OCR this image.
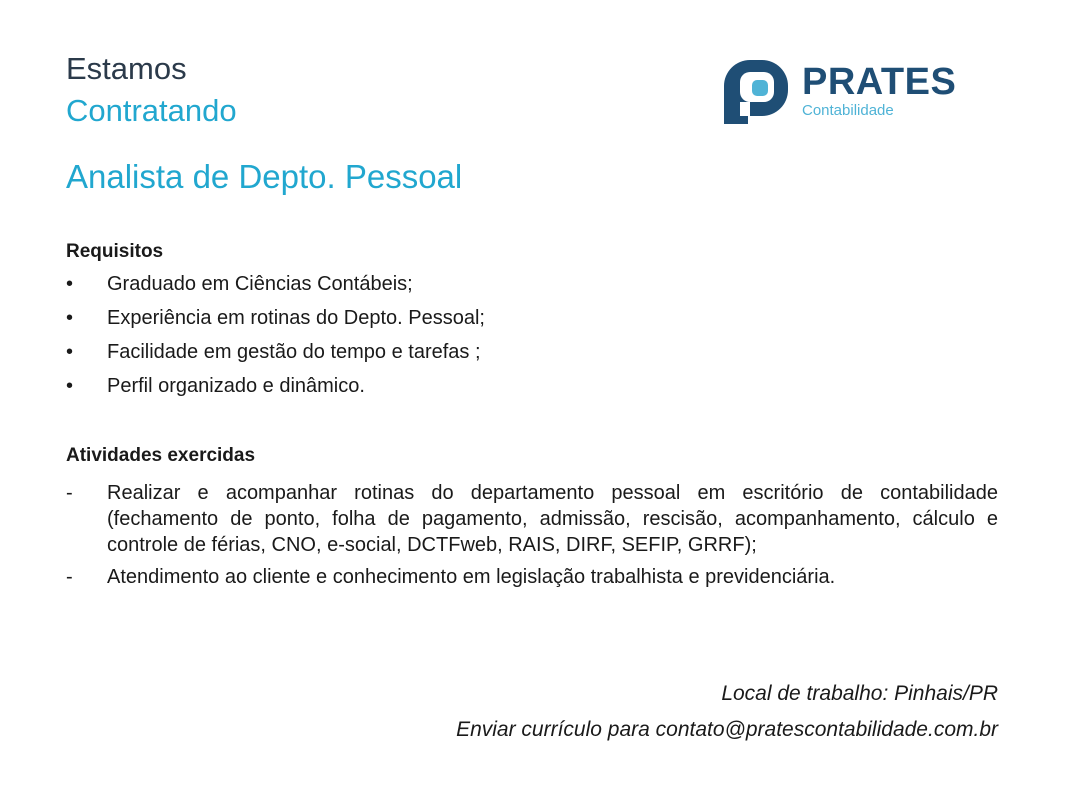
Estamos
Contratando
Analista de Depto. Pessoal
PRATES
Contabilidade
Requisitos
• Graduado em Ciências Contábeis;
• Experiência em rotinas do Depto. Pessoal;
• Facilidade em gestão do tempo e tarefas ;
• Perfil organizado e dinâmico.
Atividades exercidas
- Realizar e acompanhar rotinas do departamento pessoal em escritório de contabilidade (fechamento de ponto, folha de pagamento, admissão, rescisão, acompanhamento, cálculo e controle de férias, CNO, e-social, DCTFweb, RAIS, DIRF, SEFIP, GRRF);
- Atendimento ao cliente e conhecimento em legislação trabalhista e previdenciária.
Local de trabalho: Pinhais/PR
Enviar currículo para contato@pratescontabilidade.com.br
